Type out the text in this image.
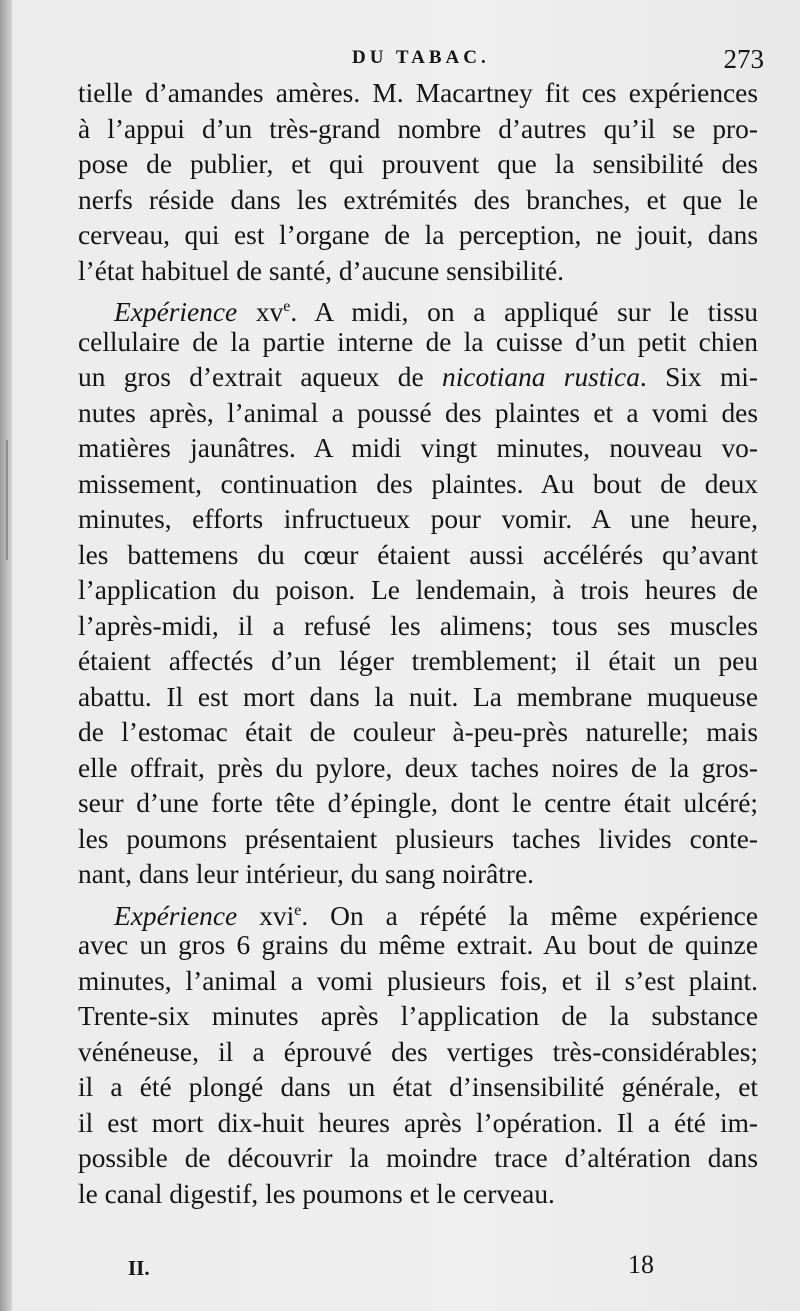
DU TABAC.	273
tielle d’amandes amères. M. Macartney fit ces expériences
à l’appui d’un très-grand nombre d’autres qu’il se pro-
pose de publier, et qui prouvent que la sensibilité des
nerfs réside dans les extrémités des branches, et que le
cerveau, qui est l’organe de la perception, ne jouit, dans
l’état habituel de santé, d’aucune sensibilité.
Expérience $xv^e$. A midi, on a appliqué sur le tissu
cellulaire de la partie interne de la cuisse d’un petit chien
un gros d’extrait aqueux de nicotiana rustica. Six mi-
nutes après, l’animal a poussé des plaintes et a vomi des
matières jaunâtres. A midi vingt minutes, nouveau vo-
missement, continuation des plaintes. Au bout de deux
minutes, efforts infructueux pour vomir. A une heure,
les battemens du cœur étaient aussi accélérés qu’avant
l’application du poison. Le lendemain, à trois heures de
l’après-midi, il a refusé les alimens; tous ses muscles
étaient affectés d’un léger tremblement; il était un peu
abattu. Il est mort dans la nuit. La membrane muqueuse
de l’estomac était de couleur à-peu-près naturelle; mais
elle offrait, près du pylore, deux taches noires de la gros-
seur d’une forte tête d’épingle, dont le centre était ulcéré;
les poumons présentaient plusieurs taches livides conte-
nant, dans leur intérieur, du sang noirâtre.
Expérience xvi$^e$. On a répété la même expérience
avec un gros 6 grains du même extrait. Au bout de quinze
minutes, l’animal a vomi plusieurs fois, et il s’est plaint.
Trente-six minutes après l’application de la substance
vénéneuse, il a éprouvé des vertiges très-considérables;
il a été plongé dans un état d’insensibilité générale, et
il est mort dix-huit heures après l’opération. Il a été im-
possible de découvrir la moindre trace d’altération dans
le canal digestif, les poumons et le cerveau.
II.	18
